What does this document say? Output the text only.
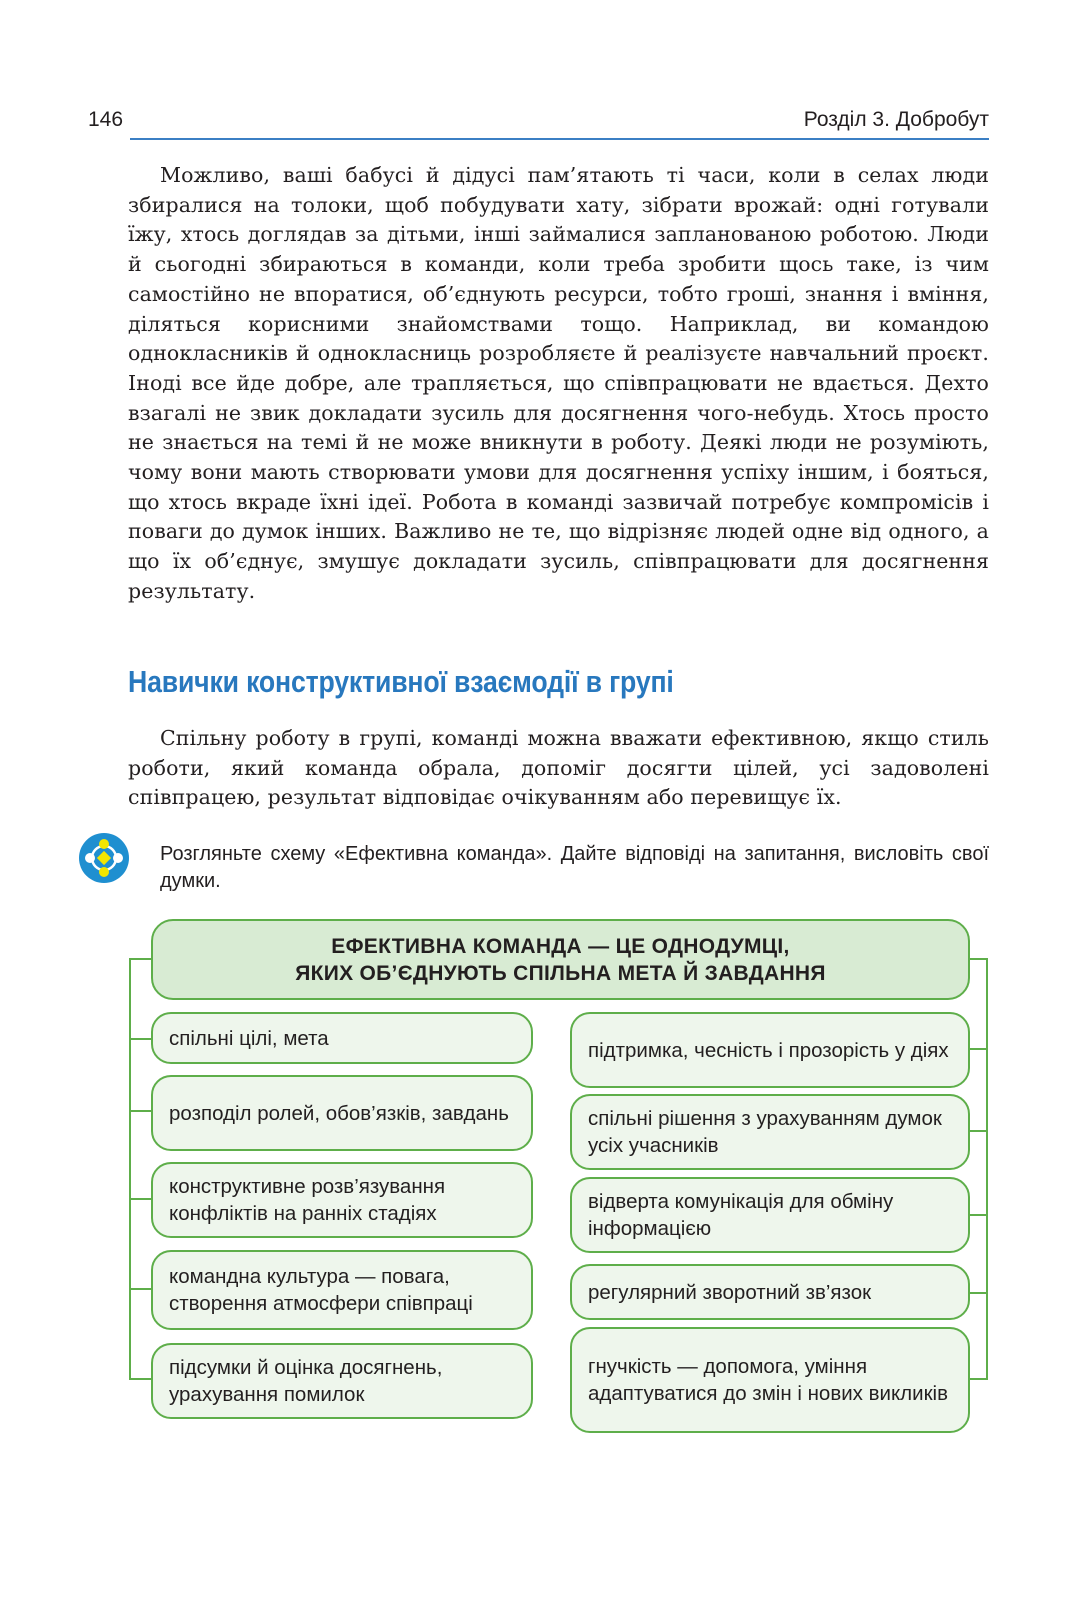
146	Розділ 3. Добробут

Можливо, ваші бабусі й дідусі пам’ятають ті часи, коли в селах люди збиралися на толоки, щоб побудувати хату, зібрати врожай: одні готували їжу, хтось доглядав за дітьми, інші займалися запланованою роботою. Люди й сьогодні збираються в команди, коли треба зробити щось таке, із чим самостійно не впоратися, об’єднують ресурси, тобто гроші, знання і вміння, діляться корисними знайомствами тощо. Наприклад, ви командою однокласників й однокласниць розробляєте й реалізуєте навчальний проєкт. Іноді все йде добре, але трапляється, що співпрацювати не вдається. Дехто взагалі не звик докладати зусиль для досягнення чого-небудь. Хтось просто не знається на темі й не може вникнути в роботу. Деякі люди не розуміють, чому вони мають створювати умови для досягнення успіху іншим, і бояться, що хтось вкраде їхні ідеї. Робота в команді зазвичай потребує компромісів і поваги до думок інших. Важливо не те, що відрізняє людей одне від одного, а що їх об’єднує, змушує докладати зусиль, співпрацювати для досягнення результату.

Навички конструктивної взаємодії в групі

Спільну роботу в групі, команді можна вважати ефективною, якщо стиль роботи, який команда обрала, допоміг досягти цілей, усі задоволені співпрацею, результат відповідає очікуванням або перевищує їх.

Розгляньте схему «Ефективна команда». Дайте відповіді на запитання, висловіть свої думки.
ЕФЕКТИВНА КОМАНДА — ЦЕ ОДНОДУМЦІ,
ЯКИХ ОБ’ЄДНУЮТЬ СПІЛЬНА МЕТА Й ЗАВДАННЯ
спільні цілі, мета
розподіл ролей, обов’язків, завдань
конструктивне розв’язування конфліктів на ранніх стадіях
командна культура — повага, створення атмосфери співпраці
підсумки й оцінка досягнень, урахування помилок
підтримка, чесність і прозорість у діях
спільні рішення з урахуванням думок усіх учасників
відверта комунікація для обміну інформацією
регулярний зворотний зв’язок
гнучкість — допомога, уміння адаптуватися до змін і нових викликів
